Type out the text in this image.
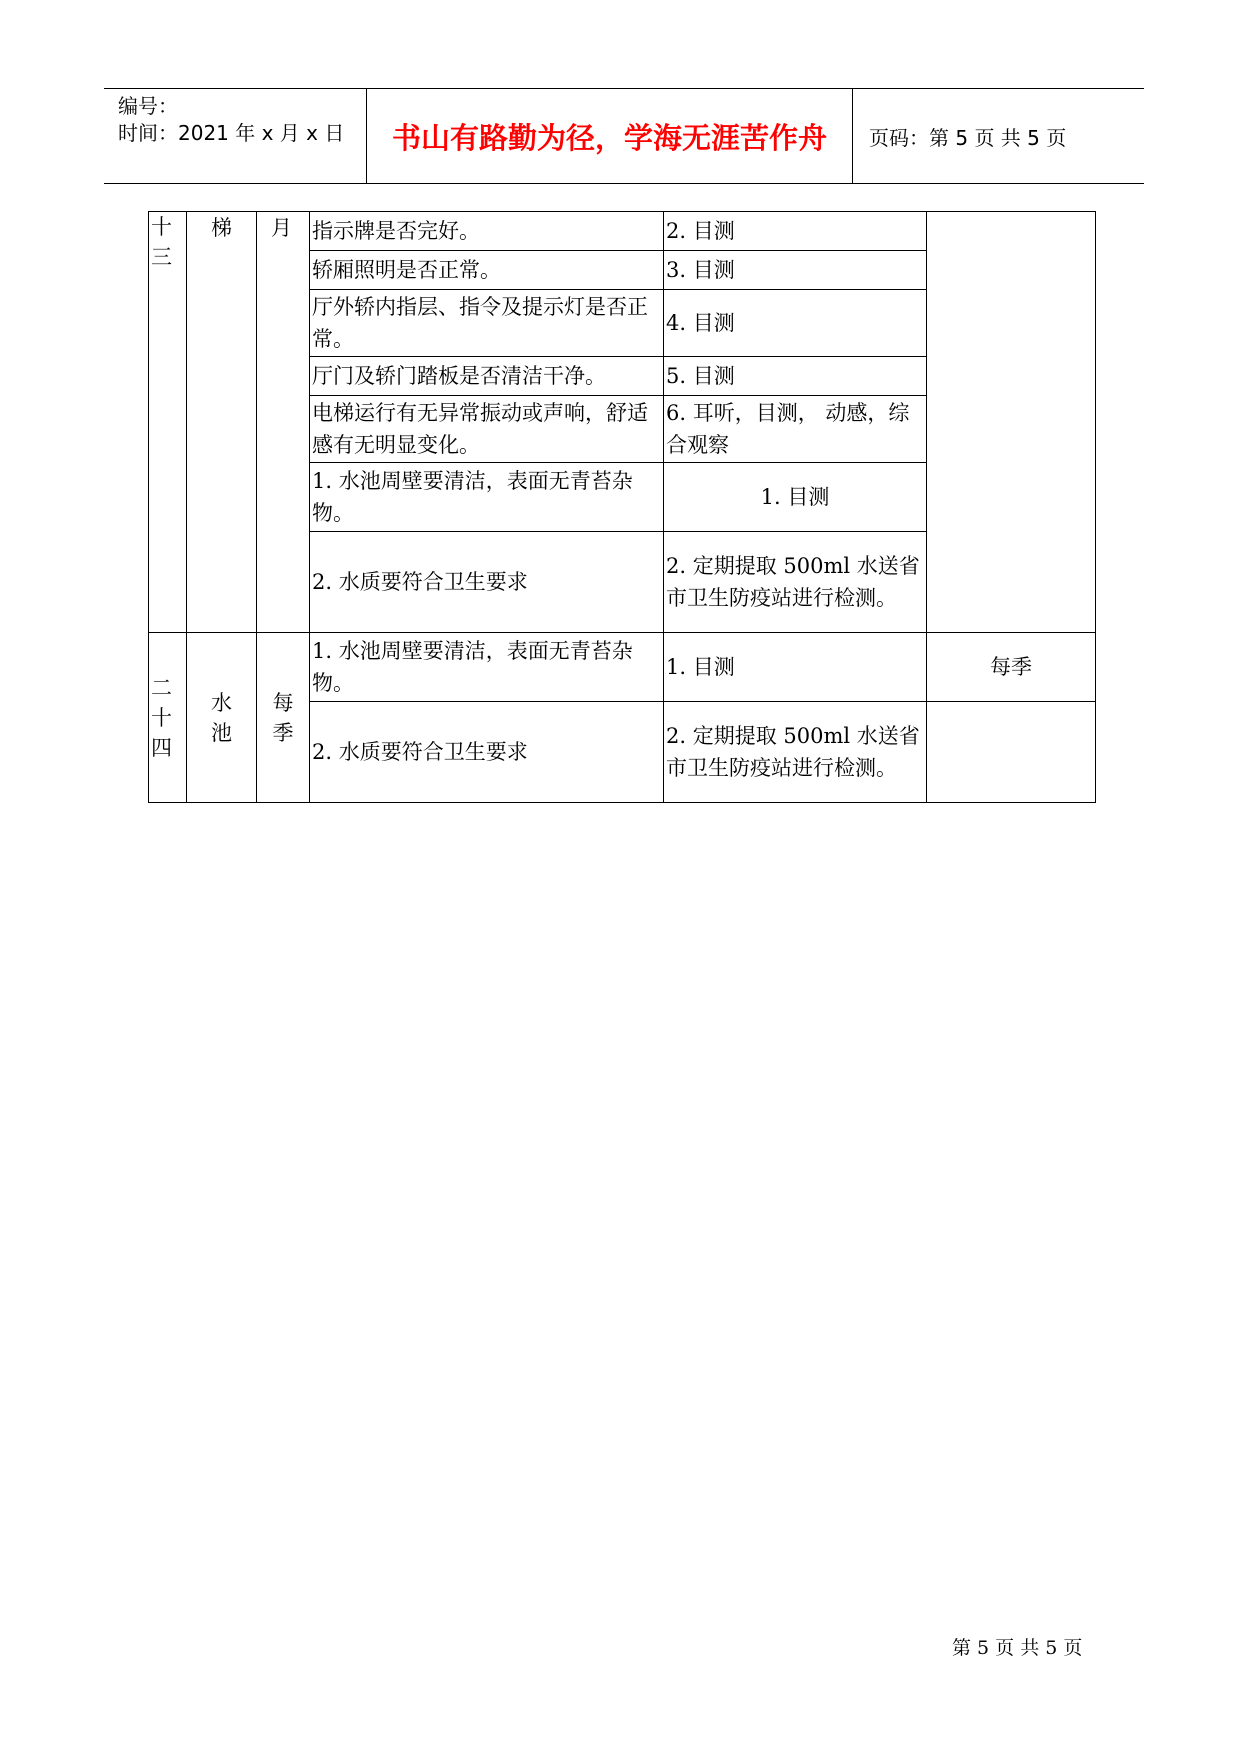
编号：
时间：2021 年 x 月 x 日	书山有路勤为径，学海无涯苦作舟	页码：第 5 页 共 5 页
十三	梯	月	指示牌是否完好。	2. 目测	
			轿厢照明是否正常。	3. 目测	
			厅外轿内指层、指令及提示灯是否正常。	4. 目测	
			厅门及轿门踏板是否清洁干净。	5. 目测	
			电梯运行有无异常振动或声响，舒适感有无明显变化。	6. 耳听，目测， 动感，综合观察	
			1. 水池周壁要清洁，表面无青苔杂物。	1. 目测	
			2. 水质要符合卫生要求	2. 定期提取 500ml 水送省市卫生防疫站进行检测。	

二十四	水池	每季	1. 水池周壁要清洁，表面无青苔杂物。	1. 目测	每季
			2. 水质要符合卫生要求	2. 定期提取 500ml 水送省市卫生防疫站进行检测。	
第 5 页 共 5 页
